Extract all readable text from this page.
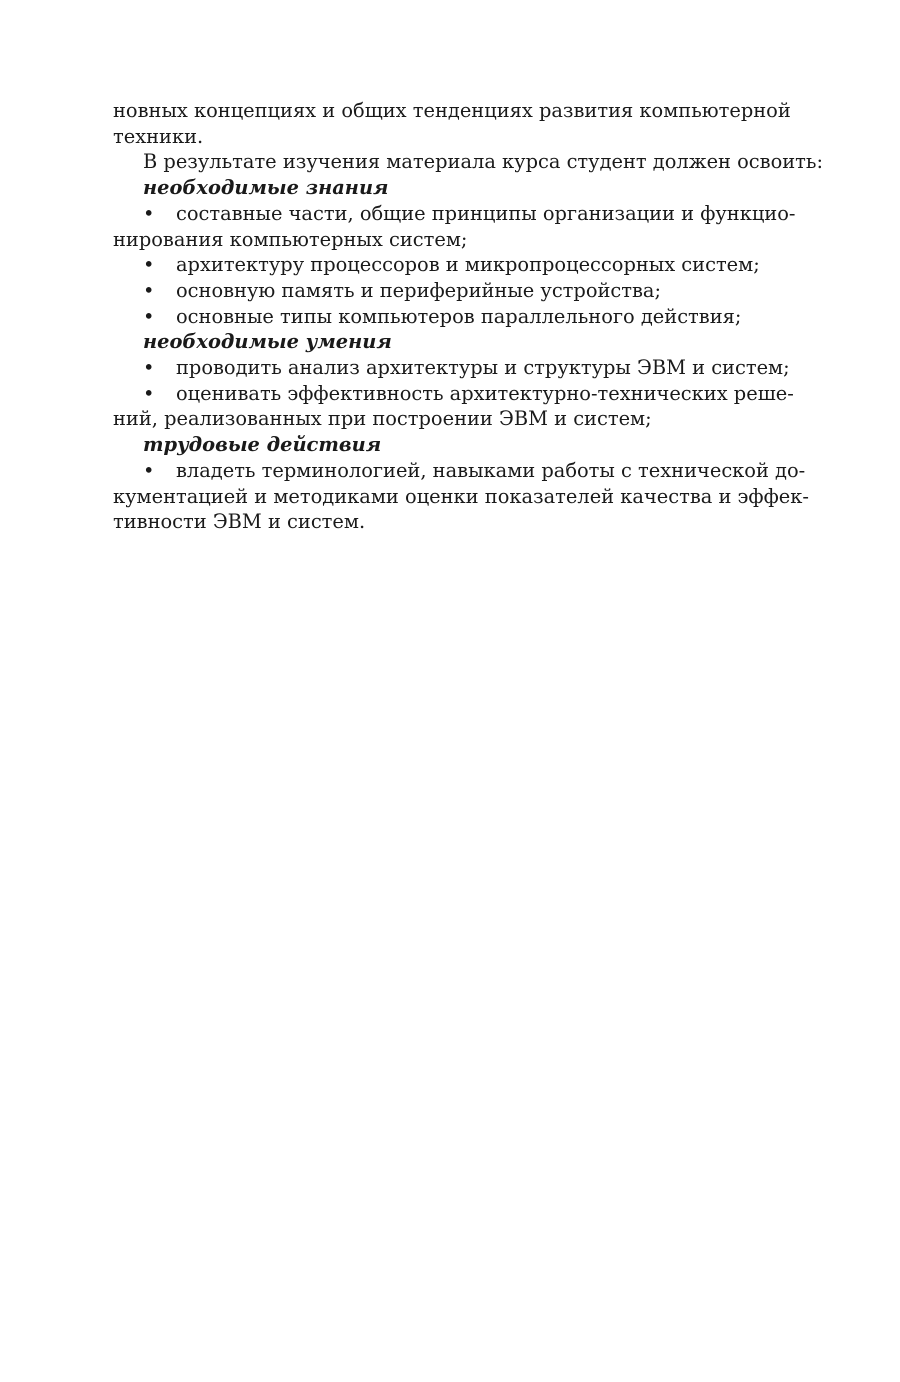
новных концепциях и общих тенденциях развития компьютерной
техники.
В результате изучения материала курса студент должен освоить:
необходимые знания
•	составные части, общие принципы организации и функцио-
нирования компьютерных систем;
•	архитектуру процессоров и микропроцессорных систем;
•	основную память и периферийные устройства;
•	основные типы компьютеров параллельного действия;
необходимые умения
•	проводить анализ архитектуры и структуры ЭВМ и систем;
•	оценивать эффективность архитектурно-технических реше-
ний, реализованных при построении ЭВМ и систем;
трудовые действия
•	владеть терминологией, навыками работы с технической до-
кументацией и методиками оценки показателей качества и эффек-
тивности ЭВМ и систем.
